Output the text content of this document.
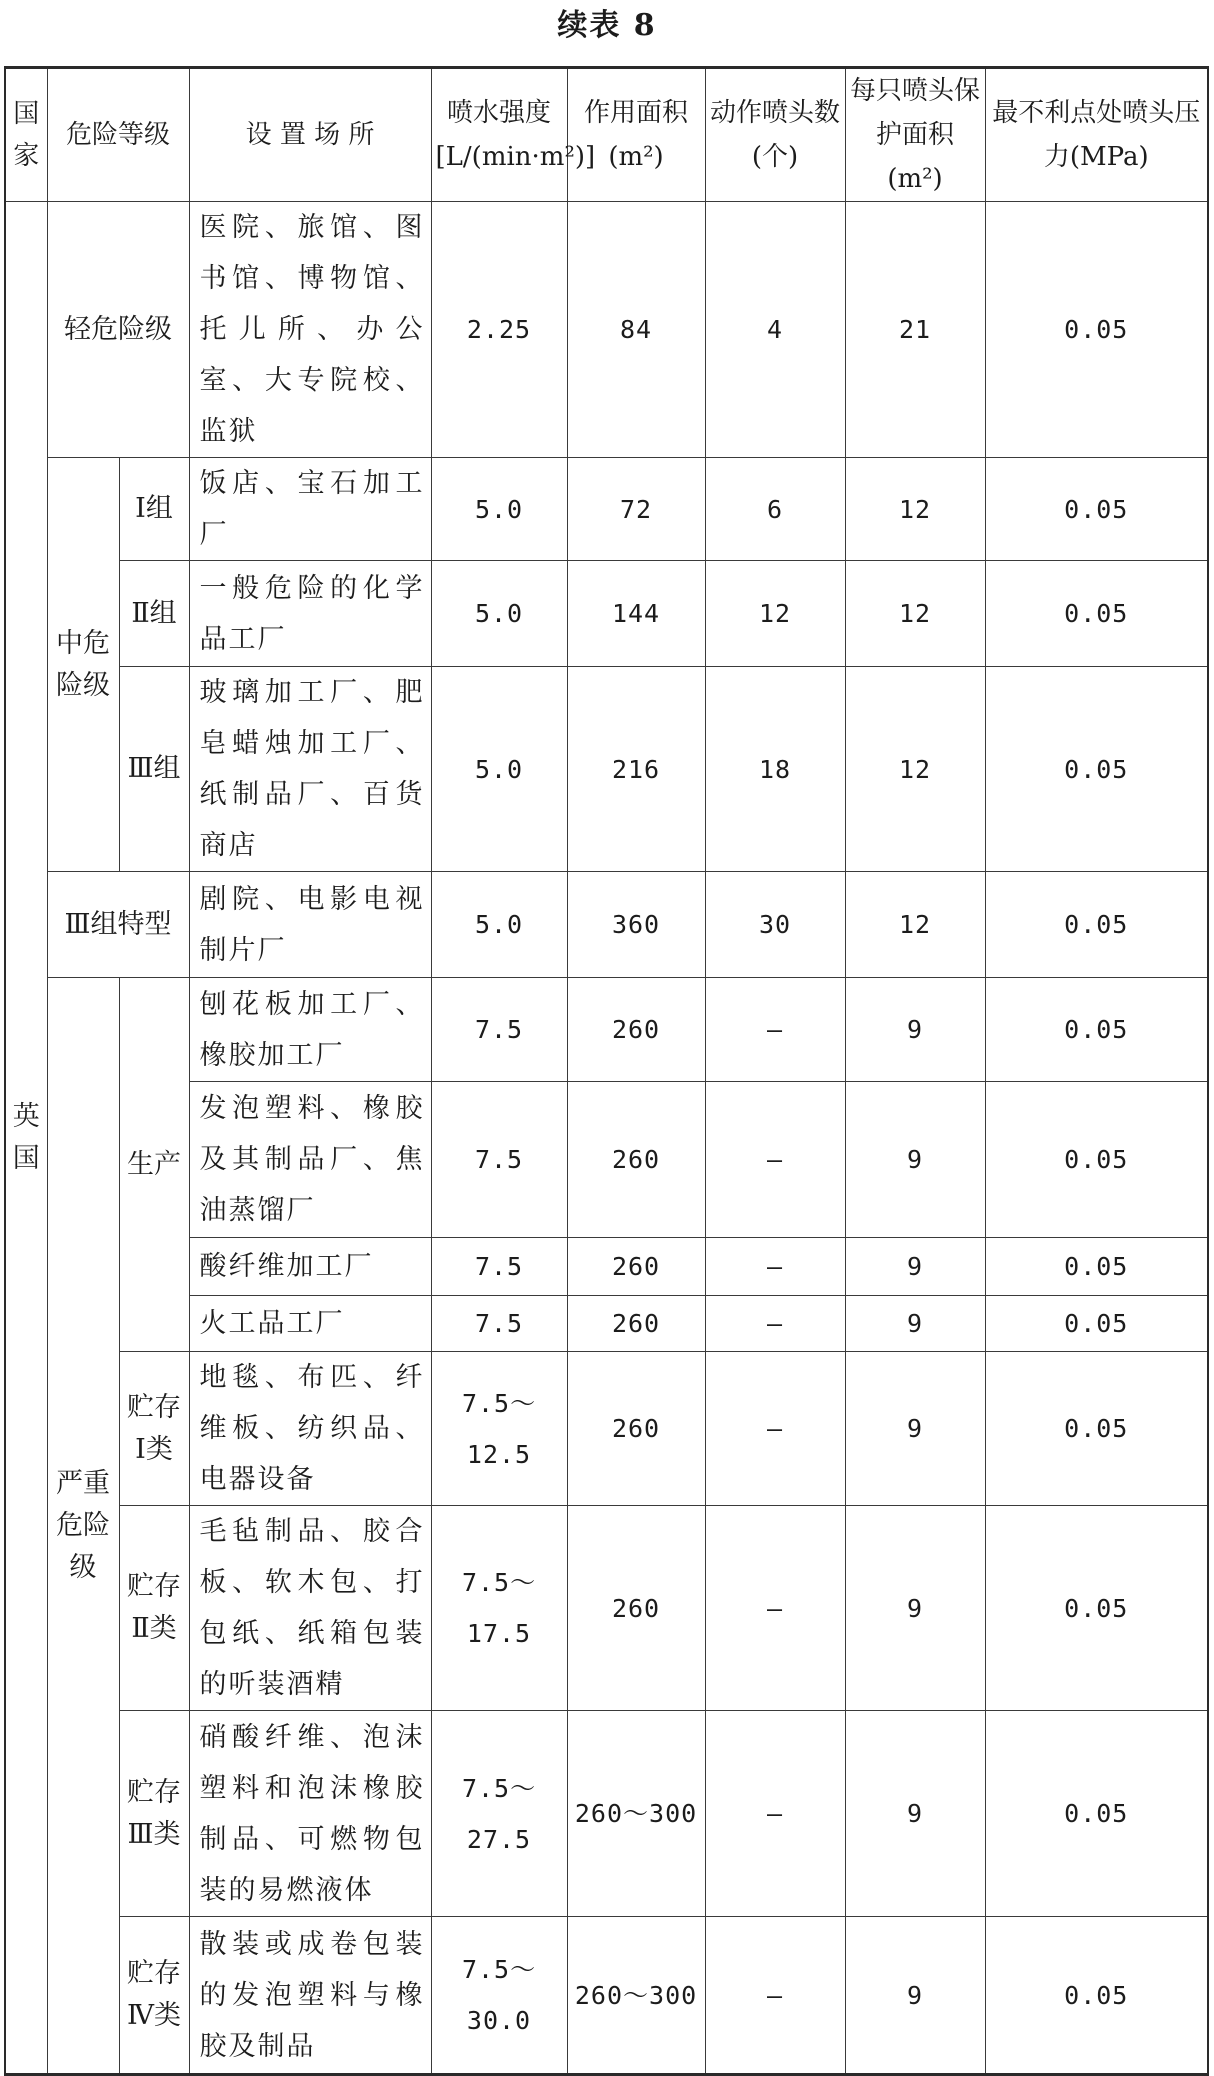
续表 8
国家	危险等级		设 置 场 所	喷水强度[L/(min·m²)]	作用面积(m²)	动作喷头数(个)	每只喷头保护面积(m²)	最不利点处喷头压力(MPa)
英国	轻危险级		医院、旅馆、图书馆、博物馆、托儿所、办公室、大专院校、监狱	2.25	84	4	21	0.05
	中危险级	Ⅰ组	饭店、宝石加工厂	5.0	72	6	12	0.05
		Ⅱ组	一般危险的化学品工厂	5.0	144	12	12	0.05
		Ⅲ组	玻璃加工厂、肥皂蜡烛加工厂、纸制品厂、百货商店	5.0	216	18	12	0.05
	Ⅲ组特型		剧院、电影电视制片厂	5.0	360	30	12	0.05
	严重危险级	生产	刨花板加工厂、橡胶加工厂	7.5	260	—	9	0.05
			发泡塑料、橡胶及其制品厂、焦油蒸馏厂	7.5	260	—	9	0.05
			酸纤维加工厂	7.5	260	—	9	0.05
			火工品工厂	7.5	260	—	9	0.05
		贮存Ⅰ类	地毯、布匹、纤维板、纺织品、电器设备	7.5～12.5	260	—	9	0.05
		贮存Ⅱ类	毛毡制品、胶合板、软木包、打包纸、纸箱包装的听装酒精	7.5～17.5	260	—	9	0.05
		贮存Ⅲ类	硝酸纤维、泡沫塑料和泡沫橡胶制品、可燃物包装的易燃液体	7.5～27.5	260～300	—	9	0.05
		贮存Ⅳ类	散装或成卷包装的发泡塑料与橡胶及制品	7.5～30.0	260～300	—	9	0.05
